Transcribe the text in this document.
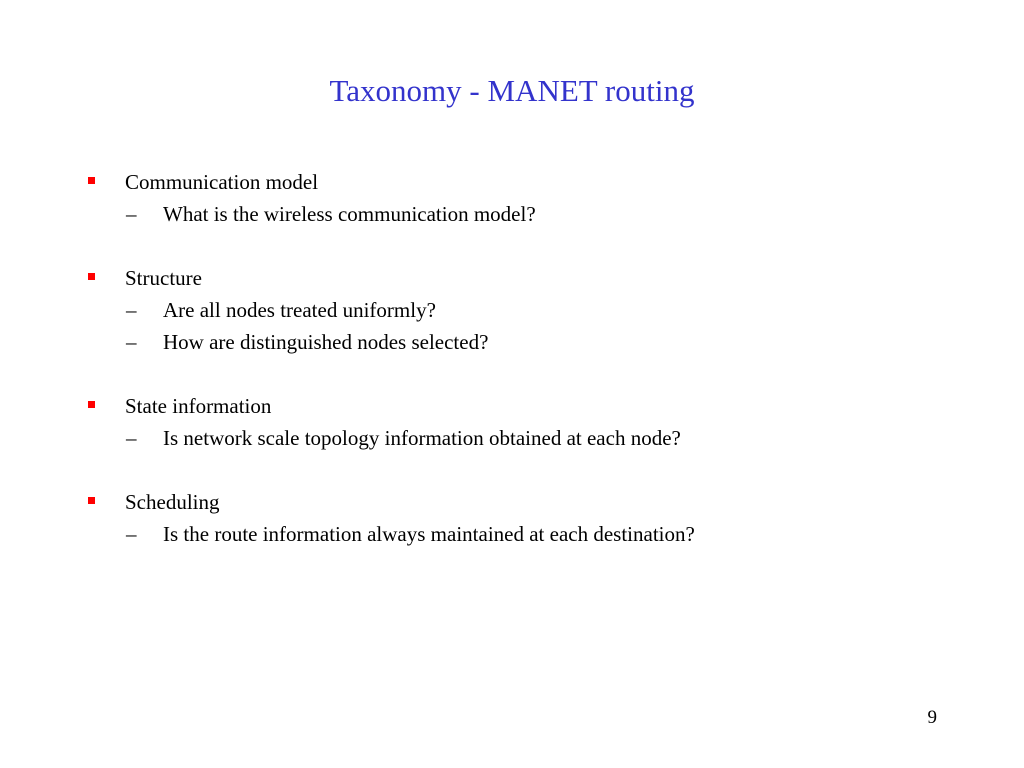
Taxonomy - MANET routing
Communication model
– What is the wireless communication model?
Structure
– Are all nodes treated uniformly?
– How are distinguished nodes selected?
State information
– Is network scale topology information obtained at each node?
Scheduling
– Is the route information always maintained at each destination?
9
